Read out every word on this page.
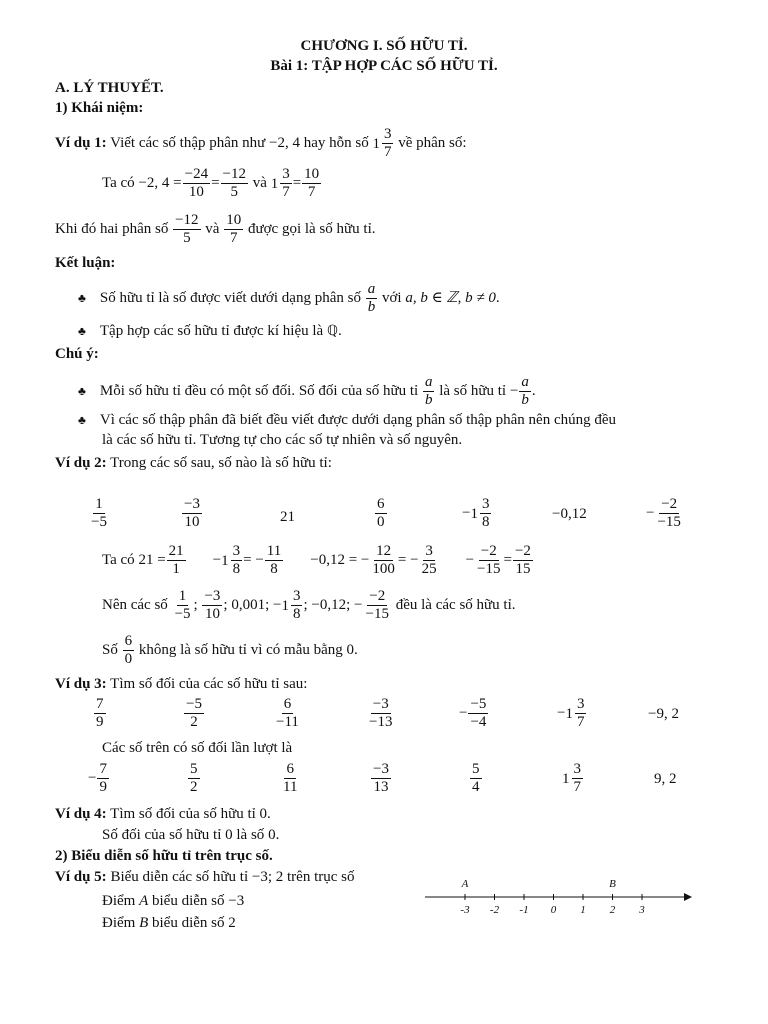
CHƯƠNG I. SỐ HỮU TỈ.
Bài 1: TẬP HỢP CÁC SỐ HỮU TỈ.
A. LÝ THUYẾT.
1) Khái niệm:
Ví dụ 1: Viết các số thập phân như −2, 4 hay hỗn số $1 \frac{3}{7}$ về phân số:
Ta có −2, $4 = \frac{-24}{10} = \frac{-12}{5}$ và $1 \frac{3}{7} = \frac{10}{7}$
Khi đó hai phân số $\frac{-12}{5}$ và $\frac{10}{7}$ được gọi là số hữu tỉ.
Kết luận:
♣ Số hữu tỉ là số được viết dưới dạng phân số $\frac{a}{b}$ với a, b ∈ ℤ, b ≠ 0.
♣ Tập hợp các số hữu tỉ được kí hiệu là ℚ.
Chú ý:
♣ Mỗi số hữu tỉ đều có một số đối. Số đối của số hữu tỉ $\frac{a}{b}$ là số hữu tỉ − $\frac{a}{b}$ .
♣ Vì các số thập phân đã biết đều viết được dưới dạng phân số thập phân nên chúng đều
là các số hữu tỉ. Tương tự cho các số tự nhiên và số nguyên.
Ví dụ 2: Trong các số sau, số nào là số hữu tỉ:
$\frac{1}{-5}$	$\frac{-3}{10}$	21	$\frac{6}{0}$	− $1 \frac{3}{8}$	−0,12	− $\frac{-2}{-15}$
Ta có $21 = \frac{21}{1} - 1 \frac{3}{8}$ = − $\frac{11}{8} -0,12$ = − $\frac{12}{100}$ = − $\frac{3}{25} - \frac{-2}{-15} = \frac{-2}{15}$
Nên các số $\frac{1}{-5}$ ; $\frac{-3}{10}$ ; 0,001; − $1 \frac{3}{8}$ ; −0,12; − $\frac{-2}{-15}$ đều là các số hữu tỉ.
Số $\frac{6}{0}$ không là số hữu tỉ vì có mẫu bằng 0.
Ví dụ 3: Tìm số đối của các số hữu tỉ sau:
$\frac{7}{9}$	$\frac{-5}{2}$	$\frac{6}{-11}$	$\frac{-3}{-13}$	− $\frac{-5}{-4}$	− $1 \frac{3}{7}$	−9, 2
Các số trên có số đối lần lượt là
− $\frac{7}{9}$	$\frac{5}{2}$	$\frac{6}{11}$	$\frac{-3}{13}$	$\frac{5}{4}$	$1 \frac{3}{7}$	9, 2
Ví dụ 4: Tìm số đối của số hữu tỉ 0.
Số đối của số hữu tỉ 0 là số 0.
2) Biểu diễn số hữu tỉ trên trục số.
Ví dụ 5: Biểu diễn các số hữu tỉ −3; 2 trên trục số
Điểm A biểu diễn số −3
Điểm B biểu diễn số 2
-3	-2	-1	0	1	2	3
A	B
